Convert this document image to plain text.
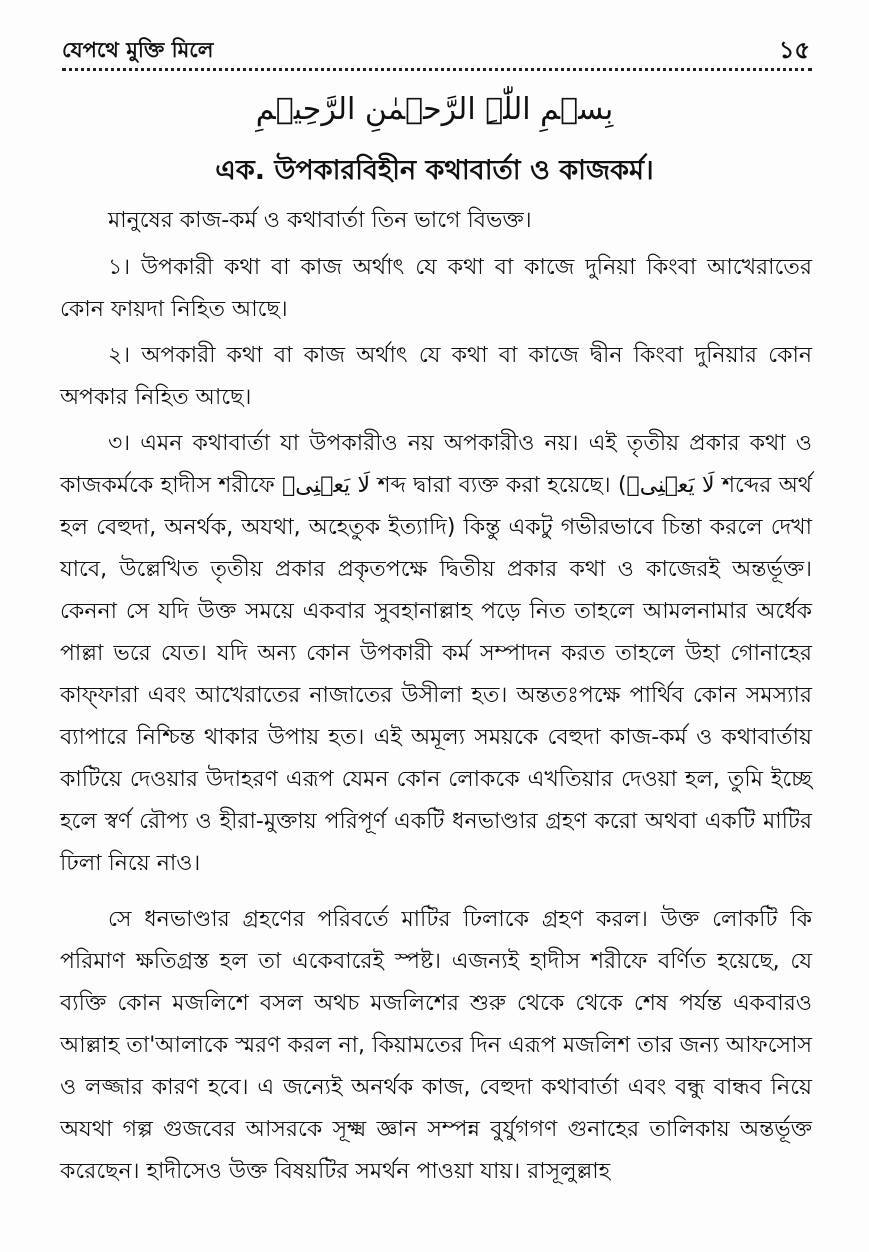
যেপথে মুক্তি মিলে	১৫
بِسۡمِ اللّٰہِ الرَّحۡمٰنِ الرَّحِیۡمِ
এক. উপকারবিহীন কথাবার্তা ও কাজকর্ম।

মানুষের কাজ-কর্ম ও কথাবার্তা তিন ভাগে বিভক্ত।

১। উপকারী কথা বা কাজ অর্থাৎ যে কথা বা কাজে দুনিয়া কিংবা আখেরাতের কোন ফায়দা নিহিত আছে।

২। অপকারী কথা বা কাজ অর্থাৎ যে কথা বা কাজে দ্বীন কিংবা দুনিয়ার কোন অপকার নিহিত আছে।

৩। এমন কথাবার্তা যা উপকারীও নয় অপকারীও নয়। এই তৃতীয় প্রকার কথা ও কাজকর্মকে হাদীস শরীফে لَا یَعۡنِیۡ শব্দ দ্বারা ব্যক্ত করা হয়েছে। (لَا یَعۡنِیۡ শব্দের অর্থ হল বেহুদা, অনর্থক, অযথা, অহেতুক ইত্যাদি) কিন্তু একটু গভীরভাবে চিন্তা করলে দেখা যাবে, উল্লেখিত তৃতীয় প্রকার প্রকৃতপক্ষে দ্বিতীয় প্রকার কথা ও কাজেরই অন্তর্ভূক্ত। কেননা সে যদি উক্ত সময়ে একবার সুবহানাল্লাহ পড়ে নিত তাহলে আমলনামার অর্ধেক পাল্লা ভরে যেত। যদি অন্য কোন উপকারী কর্ম সম্পাদন করত তাহলে উহা গোনাহের কাফ্ফারা এবং আখেরাতের নাজাতের উসীলা হত। অন্ততঃপক্ষে পার্থিব কোন সমস্যার ব্যাপারে নিশ্চিন্ত থাকার উপায় হত। এই অমূল্য সময়কে বেহুদা কাজ-কর্ম ও কথাবার্তায় কাটিয়ে দেওয়ার উদাহরণ এরূপ যেমন কোন লোককে এখতিয়ার দেওয়া হল, তুমি ইচ্ছে হলে স্বর্ণ রৌপ্য ও হীরা-মুক্তায় পরিপূর্ণ একটি ধনভাণ্ডার গ্রহণ করো অথবা একটি মাটির ঢিলা নিয়ে নাও।

সে ধনভাণ্ডার গ্রহণের পরিবর্তে মাটির ঢিলাকে গ্রহণ করল। উক্ত লোকটি কি পরিমাণ ক্ষতিগ্রস্ত হল তা একেবারেই স্পষ্ট। এজন্যই হাদীস শরীফে বর্ণিত হয়েছে, যে ব্যক্তি কোন মজলিশে বসল অথচ মজলিশের শুরু থেকে থেকে শেষ পর্যন্ত একবারও আল্লাহ তা'আলাকে স্মরণ করল না, কিয়ামতের দিন এরূপ মজলিশ তার জন্য আফসোস ও লজ্জার কারণ হবে। এ জন্যেই অনর্থক কাজ, বেহুদা কথাবার্তা এবং বন্ধু বান্ধব নিয়ে অযথা গল্প গুজবের আসরকে সূক্ষ্ম জ্ঞান সম্পন্ন বুর্যুগগণ গুনাহের তালিকায় অন্তর্ভূক্ত করেছেন। হাদীসেও উক্ত বিষয়টির সমর্থন পাওয়া যায়। রাসূলুল্লাহ
